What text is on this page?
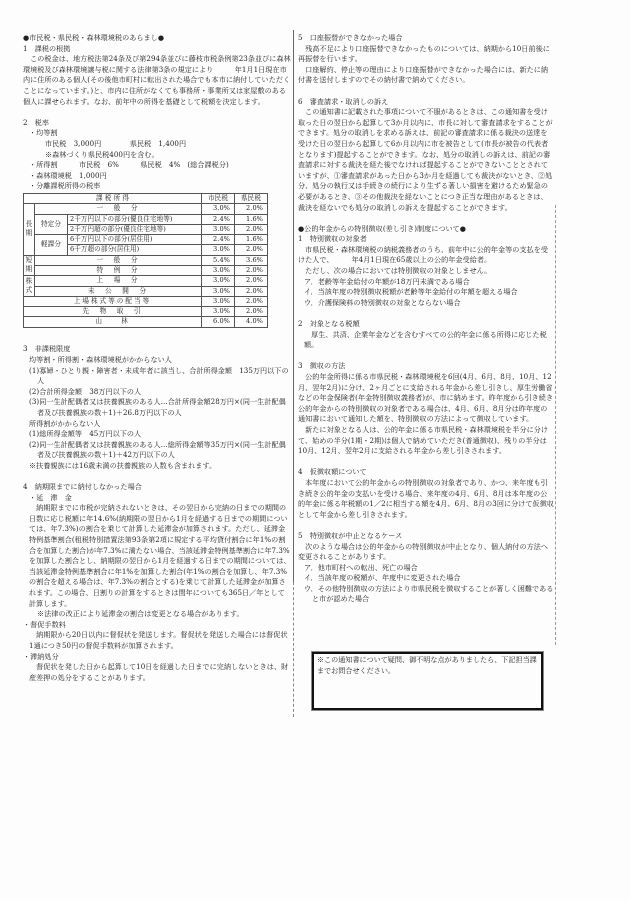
●市民税・県民税・森林環境税のあらまし●

1　課税の根拠

　この税金は、地方税法第24条及び第294条並びに藤枝市税条例第23条並びに森林環境税及び森林環境譲与税に関する法律第3条の規定により　　　年1月1日現在市内に住所のある個人(その後他市町村に転出された場合でも本市に納付していただくことになっています。)と、市内に住所がなくても事務所・事業所又は家屋敷のある個人に課せられます。なお、前年中の所得を基礎として税額を決定します。

2　税率

・均等割

市民税　3,000円　　　　県民税　1,400円

※森林づくり県民税400円を含む。

・所得割　　　市民税　6%　　　県民税　4%　(総合課税分)

・森林環境税　1,000円

・分離課税所得の税率

課 税 所 得			市民税	県民税
長期	一　般　分		3.0%	2.0%
	特定分	2千万円以下の部分(優良住宅地等)	2.4%	1.6%
		2千万円超の部分(優良住宅地等)	3.0%	2.0%
	軽課分	6千万円以下の部分(居住用)	2.4%	1.6%
		6千万超の部分(居住用)	3.0%	2.0%
短期	一　般　分		5.4%	3.6%
	特　例　分		3.0%	2.0%
株式	上　場　分		3.0%	2.0%
	未　公　開　分		3.0%	2.0%
上場株式等の配当等			3.0%	2.0%
先　物　取　引			3.0%	2.0%
山　　林			6.0%	4.0%

3　非課税限度

均等割・所得割・森林環境税がかからない人

(1)寡婦・ひとり親・障害者・未成年者に該当し、合計所得金額　135万円以下の人

(2)合計所得金額　38万円以下の人

(3)同一生計配偶者又は扶養親族のある人…合計所得金額28万円×(同一生計配偶者及び扶養親族の数＋1)＋26.8万円以下の人

所得割がかからない人

(1)総所得金額等　45万円以下の人

(2)同一生計配偶者又は扶養親族のある人…総所得金額等35万円×(同一生計配偶者及び扶養親族の数＋1)＋42万円以下の人

※扶養親族には16歳未満の扶養親族の人数も含まれます。

4　納期限までに納付しなかった場合

・延　滞　金

　納期限までに市税が完納されないときは、その翌日から完納の日までの期間の日数に応じ税額に年14.6%(納期限の翌日から1月を経過する日までの期間については、年7.3%)の割合を乗じて計算した延滞金が加算されます。ただし、延滞金特例基準割合(租税特別措置法第93条第2項に規定する平均貸付割合に年1%の割合を加算した割合)が年7.3%に満たない場合、当該延滞金特例基準割合に年7.3%を加算した割合とし、納期限の翌日から1月を経過する日までの期間については、当該延滞金特例基準割合に年1%を加算した割合(年1%の割合を加算し、年7.3%の割合を超える場合は、年7.3%の割合とする)を乗じて計算した延滞金が加算されます。この場合、日割りの計算をするときは閏年についても365日／年として計算します。

※法律の改正により延滞金の割合は変更となる場合があります。

・督促手数料

　納期限から20日以内に督促状を発送します。督促状を発送した場合には督促状1通につき50円の督促手数料が加算されます。

・滞納処分

　督促状を発した日から起算して10日を経過した日までに完納しないときは、財産差押の処分をすることがあります。

5　口座振替ができなかった場合

　残高不足により口座振替できなかったものについては、納期から10日前後に再振替を行います。

　口座解約、停止等の理由により口座振替ができなかった場合には、新たに納付書を送付しますのでその納付書で納めてください。

6　審査請求・取消しの訴え

　この通知書に記載された事項について不服があるときは、この通知書を受け取った日の翌日から起算して3か月以内に、市長に対して審査請求をすることができます。処分の取消しを求める訴えは、前記の審査請求に係る裁決の送達を受けた日の翌日から起算して6か月以内に市を被告として(市長が被告の代表者となります)提起することができます。なお、処分の取消しの訴えは、前記の審査請求に対する裁決を経た後でなければ提起することができないこととされていますが、①審査請求があった日から3か月を経過しても裁決がないとき、②処分、処分の執行又は手続きの続行により生ずる著しい損害を避けるため緊急の必要があるとき、③その他裁決を経ないことにつき正当な理由があるときは、裁決を経ないでも処分の取消しの訴えを提起することができます。

●公的年金からの特別徴収(差し引き)制度について●

1　特別徴収の対象者

　市県民税・森林環境税の納税義務者のうち、前年中に公的年金等の支払を受けた人で、　　　年4月1日現在65歳以上の公的年金受給者。

　ただし、次の場合においては特別徴収の対象としません。

ア．老齢等年金給付の年額が18万円未満である場合

イ．当該年度の特別徴収税額が老齢等年金給付の年額を超える場合

ウ．介護保険料の特別徴収の対象とならない場合

2　対象となる税額

　厚生、共済、企業年金などを含むすべての公的年金に係る所得に応じた税額。

3　徴収の方法

　公的年金所得に係る市県民税・森林環境税を6回(4月、6月、8月、10月、12月、翌年2月)に分け、2ヶ月ごとに支給される年金から差し引きし、厚生労働省などの年金保険者(年金特別徴収義務者)が、市に納めます。昨年度から引き続き公的年金からの特別徴収の対象者である場合は、4月、6月、8月分は昨年度の通知書において通知した額を、特別徴収の方法によって徴収しています。

　新たに対象となる人は、公的年金に係る市県民税・森林環境税を半分に分けて、始めの半分(1期・2期)は個人で納めていただき(普通徴収)、残りの半分は10月、12月、翌年2月に支給される年金から差し引きされます。

4　仮徴収額について

　本年度において公的年金からの特別徴収の対象者であり、かつ、来年度も引き続き公的年金の支払いを受ける場合、来年度の4月、6月、8月は本年度の公的年金に係る年税額の1／2に相当する額を4月、6月、8月の3回に分けて仮徴収として年金から差し引きされます。

5　特別徴収が中止となるケース

　次のような場合は公的年金からの特別徴収が中止となり、個人納付の方法へ変更されることがあります。

ア．他市町村への転出、死亡の場合

イ．当該年度の税額が、年度中に変更された場合

ウ．その他特別徴収の方法により市県民税を徴収することが著しく困難であると市が認めた場合

※この通知書について疑問、御不明な点がありましたら、下記担当課までお問合せください。
